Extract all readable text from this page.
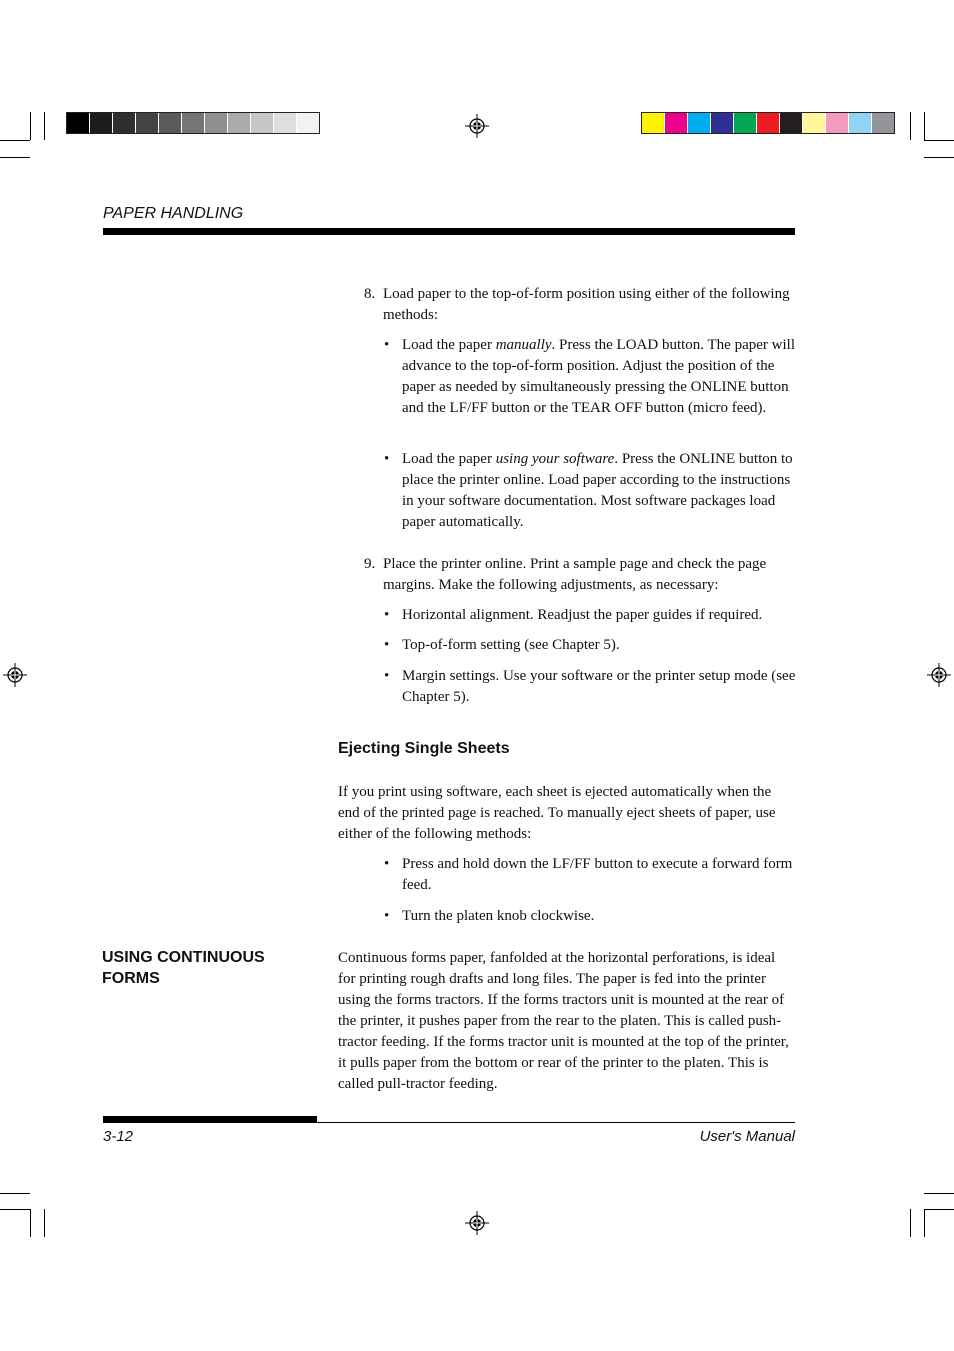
PAPER HANDLING
8. Load paper to the top-of-form position using either of the following methods:
• Load the paper manually. Press the LOAD button. The paper will advance to the top-of-form position. Adjust the position of the paper as needed by simultaneously pressing the ONLINE button and the LF/FF button or the TEAR OFF button (micro feed).
• Load the paper using your software. Press the ONLINE button to place the printer online. Load paper according to the instructions in your software documentation. Most software packages load paper automatically.
9. Place the printer online. Print a sample page and check the page margins. Make the following adjustments, as necessary:
• Horizontal alignment. Readjust the paper guides if required.
• Top-of-form setting (see Chapter 5).
• Margin settings. Use your software or the printer setup mode (see Chapter 5).
Ejecting Single Sheets
If you print using software, each sheet is ejected automatically when the end of the printed page is reached. To manually eject sheets of paper, use either of the following methods:
• Press and hold down the LF/FF button to execute a forward form feed.
• Turn the platen knob clockwise.
USING CONTINUOUS FORMS
Continuous forms paper, fanfolded at the horizontal perforations, is ideal for printing rough drafts and long files. The paper is fed into the printer using the forms tractors. If the forms tractors unit is mounted at the rear of the printer, it pushes paper from the rear to the platen. This is called push-tractor feeding. If the forms tractor unit is mounted at the top of the printer, it pulls paper from the bottom or rear of the printer to the platen. This is called pull-tractor feeding.
3-12	User's Manual
